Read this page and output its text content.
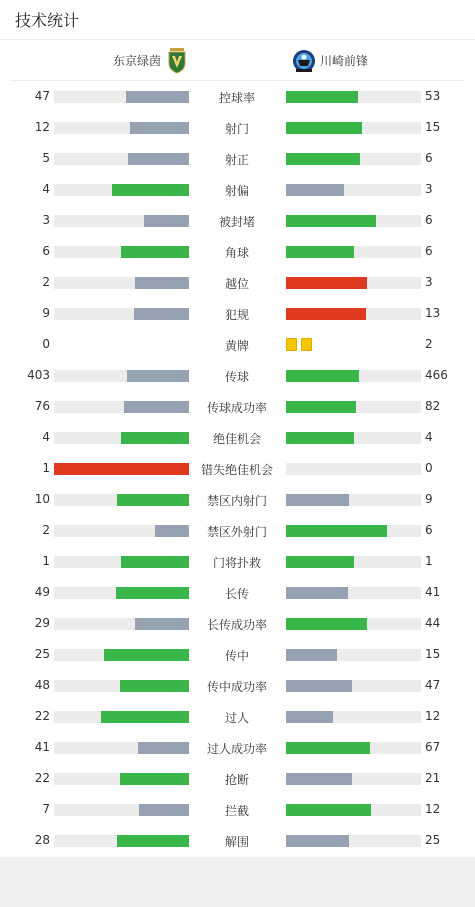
技术统计
东京绿茵	川崎前锋
47	控球率	53
12	射门	15
5	射正	6
4	射偏	3
3	被封堵	6
6	角球	6
2	越位	3
9	犯规	13
0	黄牌	2
403	传球	466
76	传球成功率	82
4	绝佳机会	4
1	错失绝佳机会	0
10	禁区内射门	9
2	禁区外射门	6
1	门将扑救	1
49	长传	41
29	长传成功率	44
25	传中	15
48	传中成功率	47
22	过人	12
41	过人成功率	67
22	抢断	21
7	拦截	12
28	解围	25
